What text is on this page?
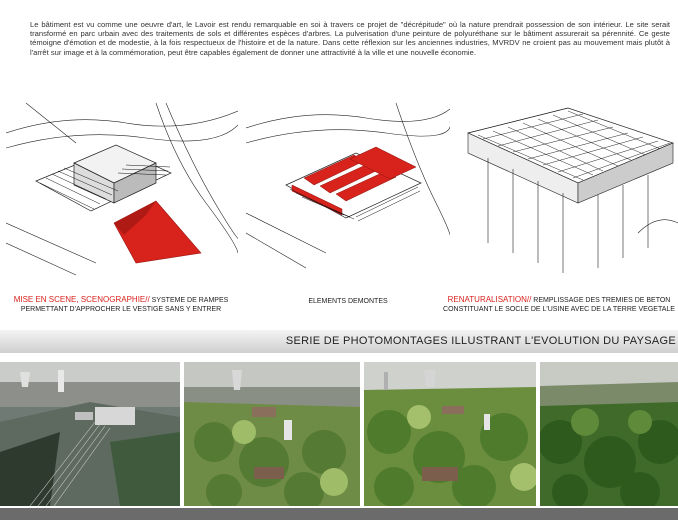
Le bâtiment est vu comme une oeuvre d'art, le Lavoir est rendu remarquable en soi à travers ce projet de "décrépitude" où la nature prendrait possession de son intérieur. Le site serait transformé en parc urbain avec des traitements de sols et différentes espèces d'arbres. La pulverisation d'une peinture de polyuréthane sur le bâtiment assurerait sa pérennité. Ce geste témoigne d'émotion et de modestie, à la fois respectueux de l'histoire et de la nature. Dans cette réflexion sur les anciennes industries, MVRDV ne croient pas au mouvement mais plutôt à l'arrêt sur image et à la commémoration, peut être capables également de donner une attractivité à la ville et une nouvelle économie.

MISE EN SCENE, SCENOGRAPHIE// SYSTEME DE RAMPES
PERMETTANT D'APPROCHER LE VESTIGE SANS Y ENTRER
ELEMENTS DEMONTES	RENATURALISATION// REMPLISSAGE DES TREMIES DE BETON
CONSTITUANT LE SOCLE DE L'USINE AVEC DE LA TERRE VEGETALE
SERIE DE PHOTOMONTAGES ILLUSTRANT L'EVOLUTION DU PAYSAGE
